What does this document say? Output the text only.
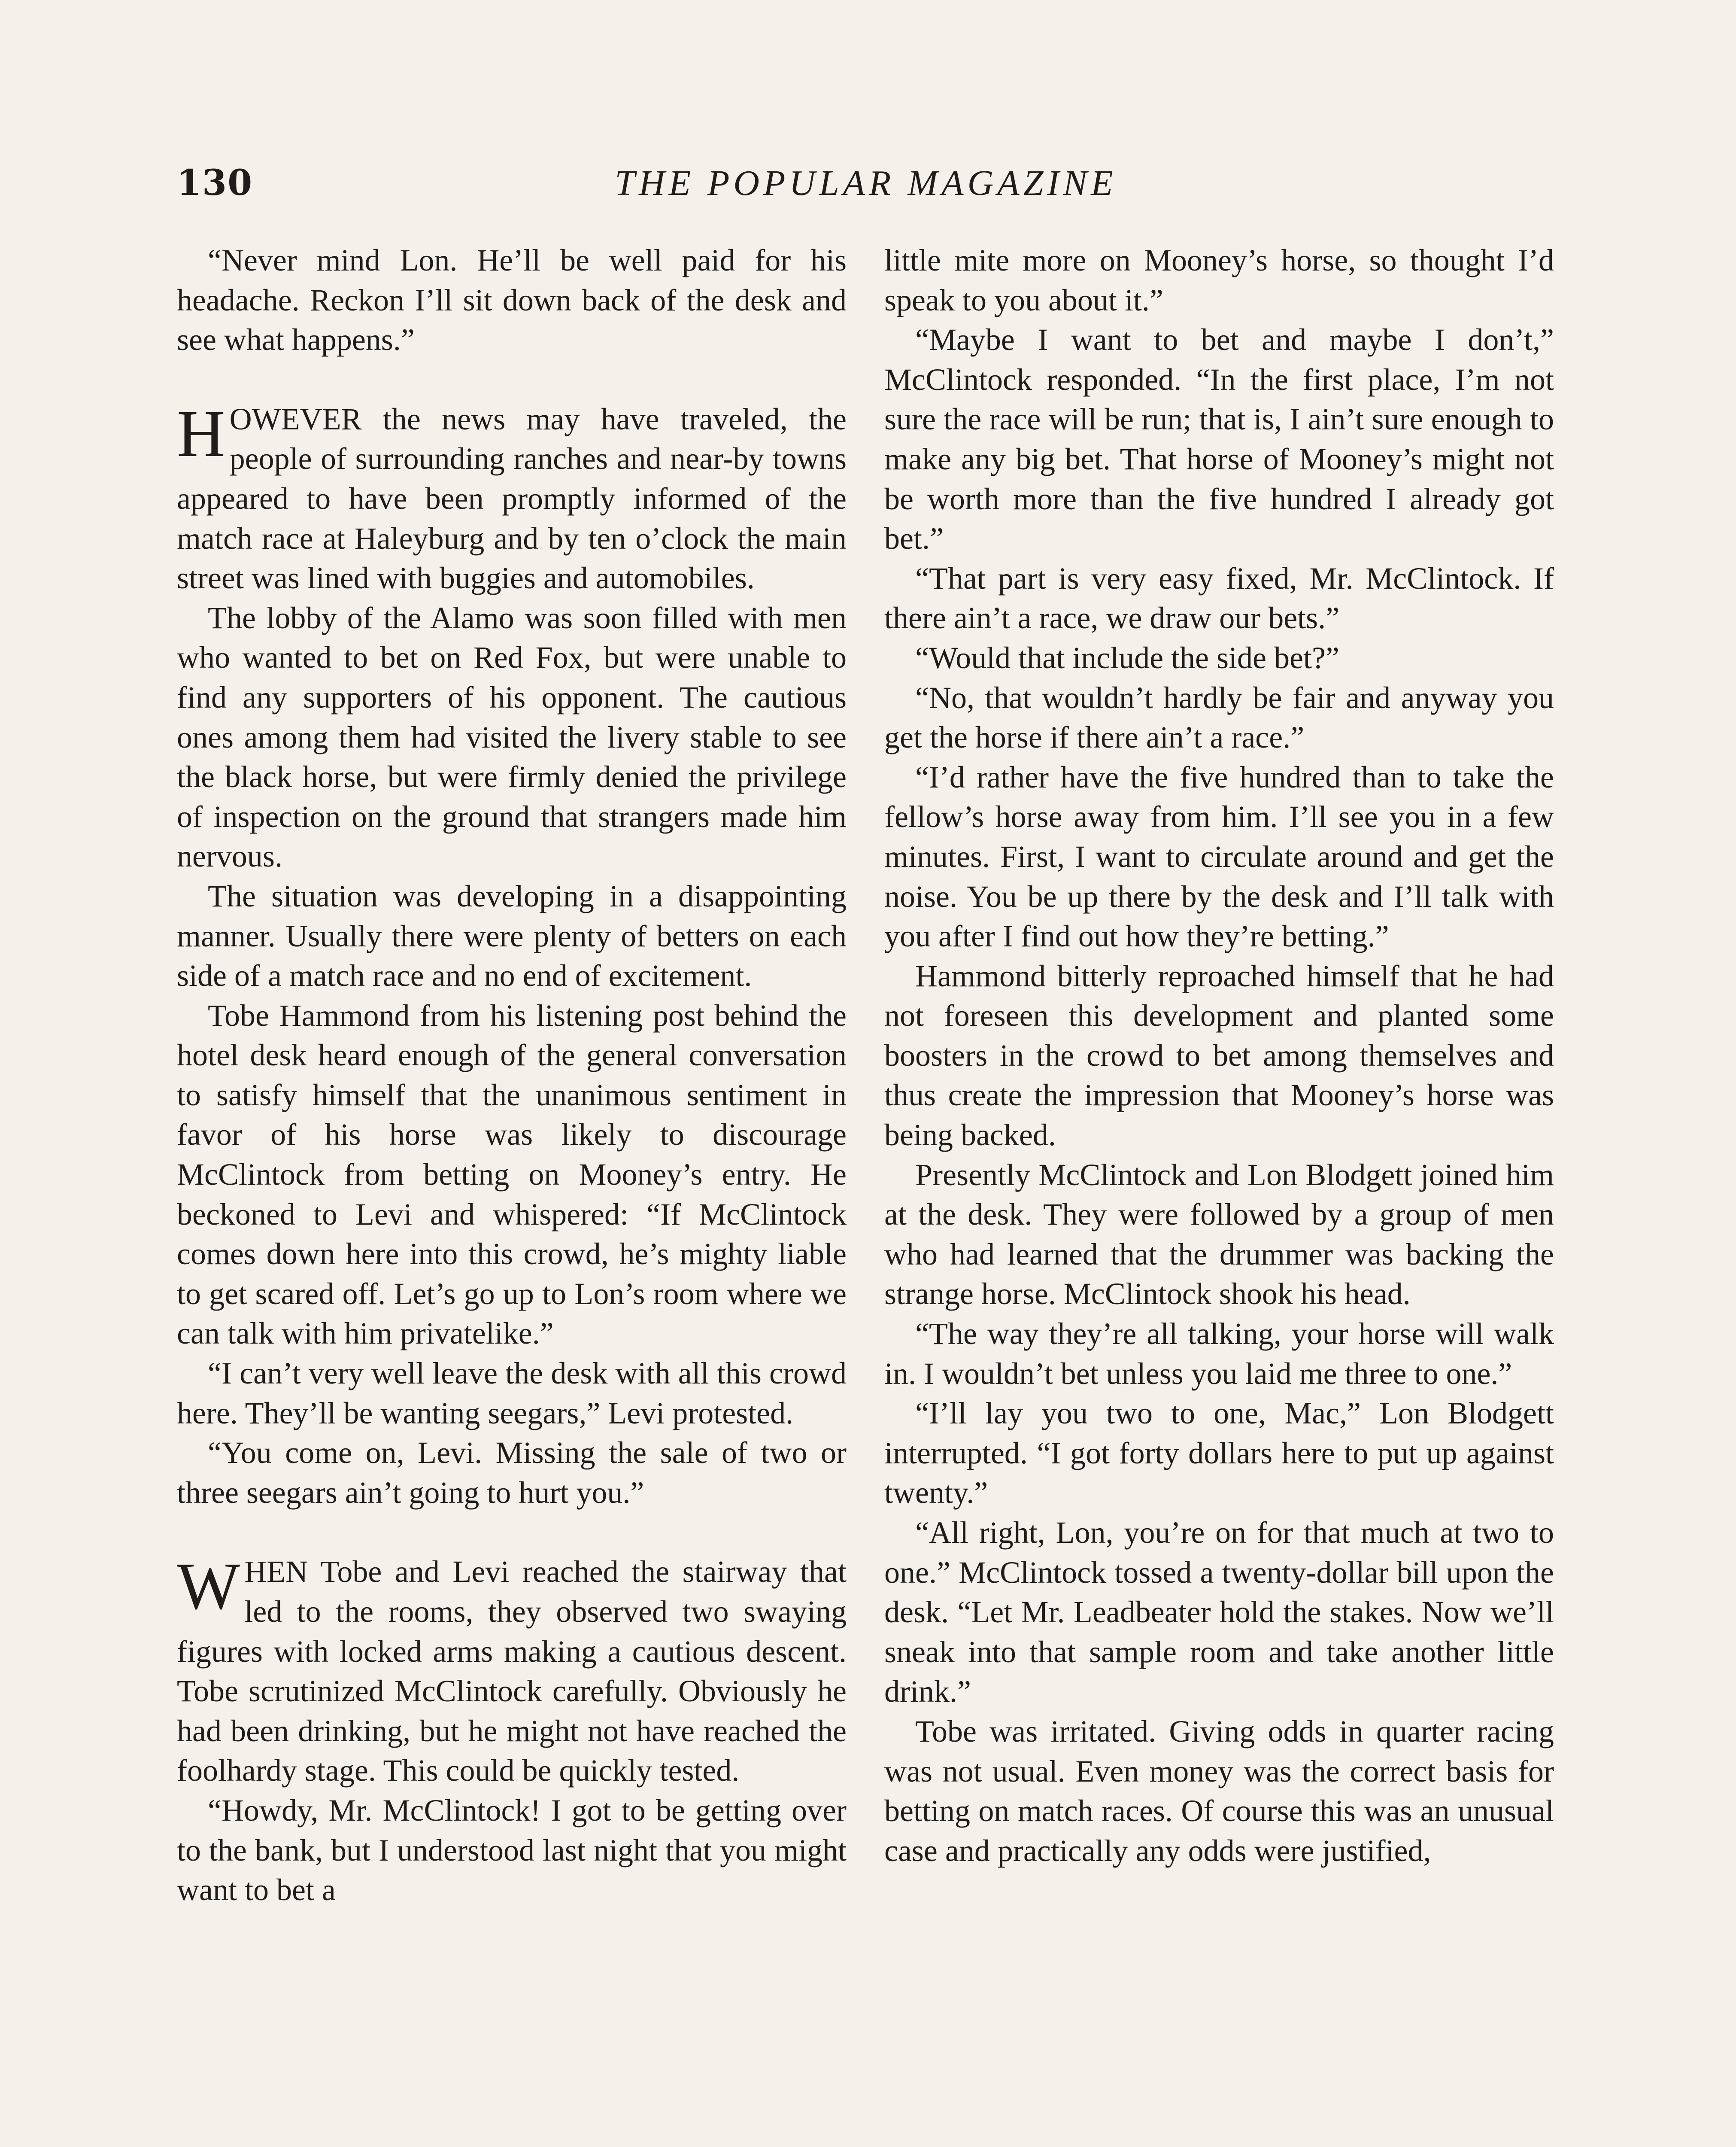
130	THE POPULAR MAGAZINE

“Never mind Lon. He’ll be well paid for his headache. Reckon I’ll sit down back of the desk and see what happens.”

HOWEVER the news may have traveled, the people of surrounding ranches and near-by towns appeared to have been promptly informed of the match race at Haleyburg and by ten o’clock the main street was lined with buggies and automobiles.

The lobby of the Alamo was soon filled with men who wanted to bet on Red Fox, but were unable to find any supporters of his opponent. The cautious ones among them had visited the livery stable to see the black horse, but were firmly denied the privilege of inspection on the ground that strangers made him nervous.

The situation was developing in a disappointing manner. Usually there were plenty of betters on each side of a match race and no end of excitement.

Tobe Hammond from his listening post behind the hotel desk heard enough of the general conversation to satisfy himself that the unanimous sentiment in favor of his horse was likely to discourage McClintock from betting on Mooney’s entry. He beckoned to Levi and whispered: “If McClintock comes down here into this crowd, he’s mighty liable to get scared off. Let’s go up to Lon’s room where we can talk with him privatelike.”

“I can’t very well leave the desk with all this crowd here. They’ll be wanting seegars,” Levi protested.

“You come on, Levi. Missing the sale of two or three seegars ain’t going to hurt you.”

WHEN Tobe and Levi reached the stairway that led to the rooms, they observed two swaying figures with locked arms making a cautious descent. Tobe scrutinized McClintock carefully. Obviously he had been drinking, but he might not have reached the foolhardy stage. This could be quickly tested.

“Howdy, Mr. McClintock! I got to be getting over to the bank, but I understood last night that you might want to bet a

little mite more on Mooney’s horse, so thought I’d speak to you about it.”

“Maybe I want to bet and maybe I don’t,” McClintock responded. “In the first place, I’m not sure the race will be run; that is, I ain’t sure enough to make any big bet. That horse of Mooney’s might not be worth more than the five hundred I already got bet.”

“That part is very easy fixed, Mr. McClintock. If there ain’t a race, we draw our bets.”

“Would that include the side bet?”

“No, that wouldn’t hardly be fair and anyway you get the horse if there ain’t a race.”

“I’d rather have the five hundred than to take the fellow’s horse away from him. I’ll see you in a few minutes. First, I want to circulate around and get the noise. You be up there by the desk and I’ll talk with you after I find out how they’re betting.”

Hammond bitterly reproached himself that he had not foreseen this development and planted some boosters in the crowd to bet among themselves and thus create the impression that Mooney’s horse was being backed.

Presently McClintock and Lon Blodgett joined him at the desk. They were followed by a group of men who had learned that the drummer was backing the strange horse. McClintock shook his head.

“The way they’re all talking, your horse will walk in. I wouldn’t bet unless you laid me three to one.”

“I’ll lay you two to one, Mac,” Lon Blodgett interrupted. “I got forty dollars here to put up against twenty.”

“All right, Lon, you’re on for that much at two to one.” McClintock tossed a twenty-dollar bill upon the desk. “Let Mr. Leadbeater hold the stakes. Now we’ll sneak into that sample room and take another little drink.”

Tobe was irritated. Giving odds in quarter racing was not usual. Even money was the correct basis for betting on match races. Of course this was an unusual case and practically any odds were justified,
